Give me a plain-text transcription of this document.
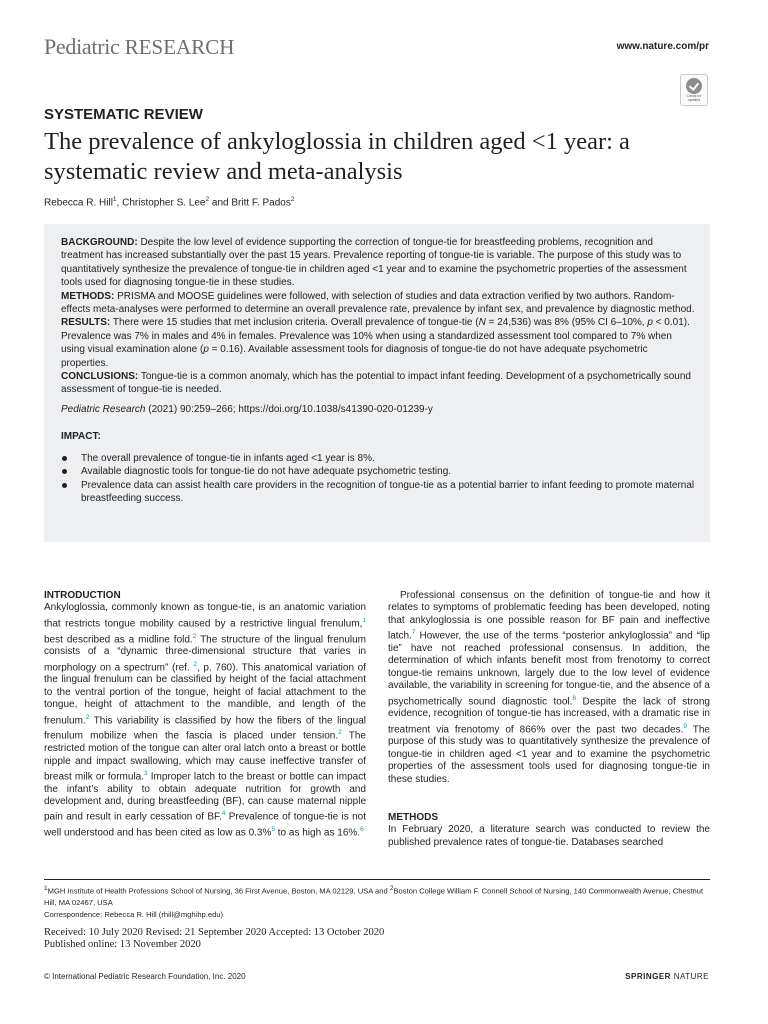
Pediatric RESEARCH	www.nature.com/pr
Check for updates
SYSTEMATIC REVIEW
The prevalence of ankyloglossia in children aged <1 year: a systematic review and meta-analysis
Rebecca R. Hill$^1$, Christopher S. Lee$^2$ and Britt F. Pados$^2$

BACKGROUND: Despite the low level of evidence supporting the correction of tongue-tie for breastfeeding problems, recognition and treatment has increased substantially over the past 15 years. Prevalence reporting of tongue-tie is variable. The purpose of this study was to quantitatively synthesize the prevalence of tongue-tie in children aged <1 year and to examine the psychometric properties of the assessment tools used for diagnosing tongue-tie in these studies.

METHODS: PRISMA and MOOSE guidelines were followed, with selection of studies and data extraction verified by two authors. Random-effects meta-analyses were performed to determine an overall prevalence rate, prevalence by infant sex, and prevalence by diagnostic method.

RESULTS: There were 15 studies that met inclusion criteria. Overall prevalence of tongue-tie (N = 24,536) was 8% (95% CI 6–10%, p < 0.01). Prevalence was 7% in males and 4% in females. Prevalence was 10% when using a standardized assessment tool compared to 7% when using visual examination alone (p = 0.16). Available assessment tools for diagnosis of tongue-tie do not have adequate psychometric properties.

CONCLUSIONS: Tongue-tie is a common anomaly, which has the potential to impact infant feeding. Development of a psychometrically sound assessment of tongue-tie is needed.

Pediatric Research (2021) 90:259–266; https://doi.org/10.1038/s41390-020-01239-y

IMPACT:

The overall prevalence of tongue-tie in infants aged <1 year is 8%.
Available diagnostic tools for tongue-tie do not have adequate psychometric testing.
Prevalence data can assist health care providers in the recognition of tongue-tie as a potential barrier to infant feeding to promote maternal breastfeeding success.
INTRODUCTION

Ankyloglossia, commonly known as tongue-tie, is an anatomic variation that restricts tongue mobility caused by a restrictive lingual frenulum,$^1$ best described as a midline fold.$^2$ The structure of the lingual frenulum consists of a “dynamic three-dimensional structure that varies in morphology on a spectrum” (ref. $^2$, p. 760). This anatomical variation of the lingual frenulum can be classified by height of the facial attachment to the ventral portion of the tongue, height of facial attachment to the tongue, height of attachment to the mandible, and length of the frenulum.$^2$ This variability is classified by how the fibers of the lingual frenulum mobilize when the fascia is placed under tension.$^2$ The restricted motion of the tongue can alter oral latch onto a breast or bottle nipple and impact swallowing, which may cause ineffective transfer of breast milk or formula.$^3$ Improper latch to the breast or bottle can impact the infant’s ability to obtain adequate nutrition for growth and development and, during breastfeeding (BF), can cause maternal nipple pain and result in early cessation of BF.$^4$ Prevalence of tongue-tie is not well understood and has been cited as low as 0.3%$^5$ to as high as 16%.$^6$

Professional consensus on the definition of tongue-tie and how it relates to symptoms of problematic feeding has been developed, noting that ankyloglossia is one possible reason for BF pain and ineffective latch.$^7$ However, the use of the terms “posterior ankyloglossia” and “lip tie” have not reached professional consensus. In addition, the determination of which infants benefit most from frenotomy to correct tongue-tie remains unknown, largely due to the low level of evidence available, the variability in screening for tongue-tie, and the absence of a psychometrically sound diagnostic tool.$^8$ Despite the lack of strong evidence, recognition of tongue-tie has increased, with a dramatic rise in treatment via frenotomy of 866% over the past two decades.$^9$ The purpose of this study was to quantitatively synthesize the prevalence of tongue-tie in children aged <1 year and to examine the psychometric properties of the assessment tools used for diagnosing tongue-tie in these studies.

METHODS

In February 2020, a literature search was conducted to review the published prevalence rates of tongue-tie. Databases searched

$^1$MGH Institute of Health Professions School of Nursing, 36 First Avenue, Boston, MA 02129, USA and $^2$Boston College William F. Connell School of Nursing, 140 Commonwealth Avenue, Chestnut Hill, MA 02467, USA
Correspondence: Rebecca R. Hill (rhill@mghihp.edu)
Received: 10 July 2020 Revised: 21 September 2020 Accepted: 13 October 2020
Published online: 13 November 2020
© International Pediatric Research Foundation, Inc. 2020	SPRINGER NATURE
